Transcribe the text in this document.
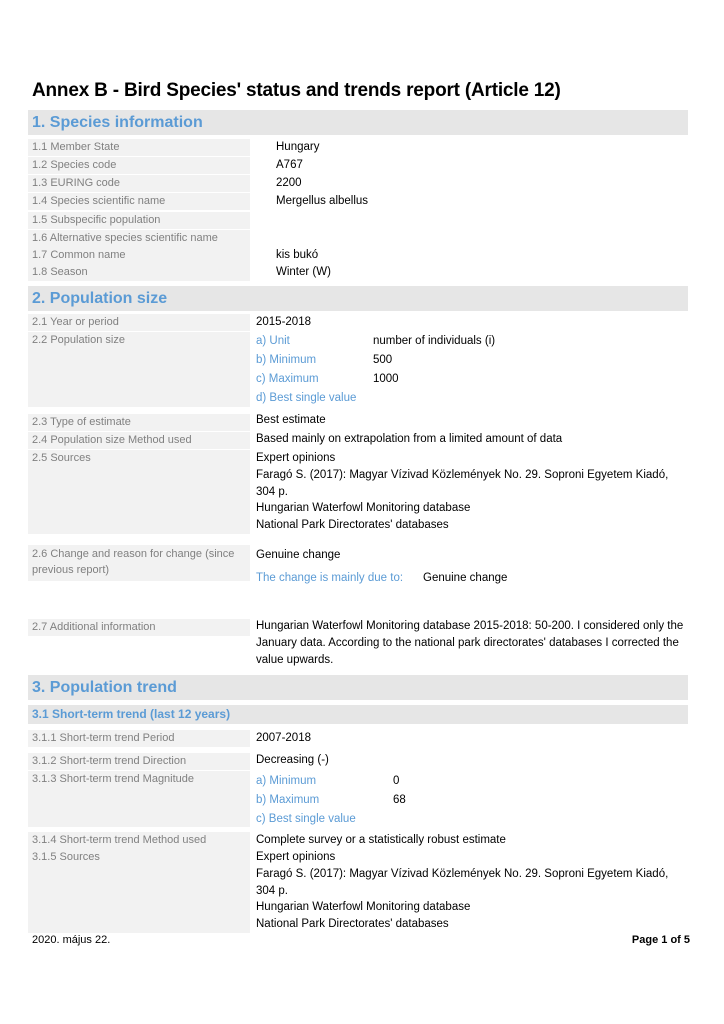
Annex B - Bird Species' status and trends report (Article 12)
1. Species information
1.1 Member State	Hungary
1.2 Species code	A767
1.3 EURING code	2200
1.4 Species scientific name	Mergellus albellus
1.5 Subspecific population
1.6 Alternative species scientific name
1.7 Common name	kis bukó
1.8 Season	Winter (W)
2. Population size
2.1 Year or period	2015-2018
2.2 Population size	a) Unit	number of individuals (i)
b) Minimum	500
c) Maximum	1000
d) Best single value
2.3 Type of estimate	Best estimate
2.4 Population size Method used	Based mainly on extrapolation from a limited amount of data
2.5 Sources	Expert opinions
Faragó S. (2017): Magyar Vízivad Közlemények No. 29. Soproni Egyetem Kiadó, 304 p.
Hungarian Waterfowl Monitoring database
National Park Directorates' databases
2.6 Change and reason for change (since previous report)
Genuine change
The change is mainly due to: Genuine change
2.7 Additional information	Hungarian Waterfowl Monitoring database 2015-2018: 50-200. I considered only the January data. According to the national park directorates' databases I corrected the value upwards.
3. Population trend
3.1 Short-term trend (last 12 years)
3.1.1 Short-term trend Period	2007-2018
3.1.2 Short-term trend Direction	Decreasing (-)
3.1.3 Short-term trend Magnitude	a) Minimum	0
b) Maximum	68
c) Best single value
3.1.4 Short-term trend Method used	Complete survey or a statistically robust estimate
3.1.5 Sources	Expert opinions
Faragó S. (2017): Magyar Vízivad Közlemények No. 29. Soproni Egyetem Kiadó, 304 p.
Hungarian Waterfowl Monitoring database
National Park Directorates' databases
2020. május 22.	Page 1 of 5
